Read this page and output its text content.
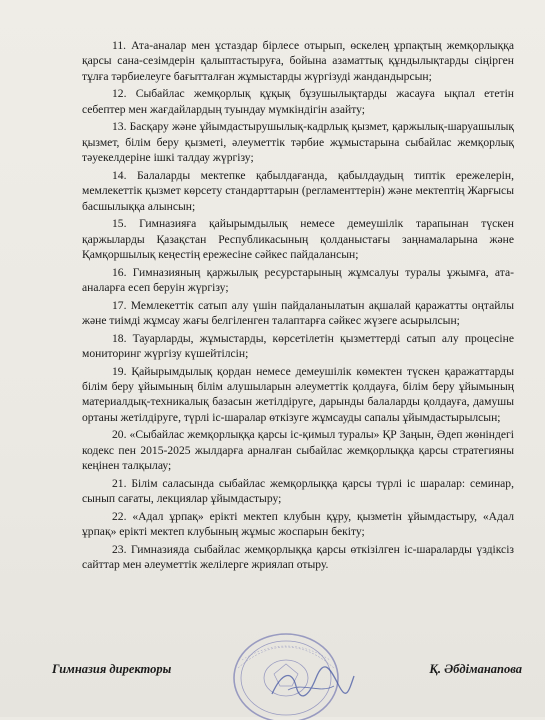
11. Ата-аналар мен ұстаздар бірлесе отырып, өскелең ұрпақтың жемқорлыққа қарсы сана-сезімдерін қалыптастыруға, бойына азаматтық құндылықтарды сіңірген тұлға тәрбиелеуге бағытталған жұмыстарды жүргізуді жандандырсын;

12. Сыбайлас жемқорлық құқық бұзушылықтарды жасауға ықпал ететін себептер мен жағдайлардың туындау мүмкіндігін азайту;

13. Басқару және ұйымдастырушылық-кадрлық қызмет, қаржылық-шаруашылық қызмет, білім беру қызметі, әлеуметтік тәрбие жұмыстарына сыбайлас жемқорлық тәуекелдеріне ішкі талдау жүргізу;

14. Балаларды мектепке қабылдағанда, қабылдаудың типтік ережелерін, мемлекеттік қызмет көрсету стандарттарын (регламенттерін) және мектептің Жарғысы басшылыққа алынсын;

15. Гимназияға қайырымдылық немесе демеушілік тарапынан түскен қаржыларды Қазақстан Республикасының қолданыстағы заңнамаларына және Қамқоршылық кеңестің ережесіне сәйкес пайдалансын;

16. Гимназияның қаржылық ресурстарының жұмсалуы туралы ұжымға, ата-аналарға есеп беруін жүргізу;

17. Мемлекеттік сатып алу үшін пайдаланылатын ақшалай қаражатты оңтайлы және тиімді жұмсау жағы белгіленген талаптарға сәйкес жүзеге асырылсын;

18. Тауарларды, жұмыстарды, көрсетілетін қызметтерді сатып алу процесіне мониторинг жүргізу күшейтілсін;

19. Қайырымдылық қордан немесе демеушілік көмектен түскен қаражаттарды білім беру ұйымының білім алушыларын әлеуметтік қолдауға, білім беру ұйымының материалдық-техникалық базасын жетілдіруге, дарынды балаларды қолдауға, дамушы ортаны жетілдіруге, түрлі іс-шаралар өткізуге жұмсауды сапалы ұйымдастырылсын;

20. «Сыбайлас жемқорлыққа қарсы іс-қимыл туралы» ҚР Заңын, Әдеп жөніндегі кодекс пен 2015-2025 жылдарға арналған сыбайлас жемқорлыққа қарсы стратегияны кеңінен талқылау;

21. Білім саласында сыбайлас жемқорлыққа қарсы түрлі іс шаралар: семинар, сынып сағаты, лекциялар ұйымдастыру;

22. «Адал ұрпақ» ерікті мектеп клубын құру, қызметін ұйымдастыру, «Адал ұрпақ» ерікті мектеп клубының жұмыс жоспарын бекіту;

23. Гимназияда сыбайлас жемқорлыққа қарсы өткізілген іс-шараларды үздіксіз сайттар мен әлеуметтік желілерге жриялап отыру.

Гимназия директоры	Қ. Әбдіманапова
